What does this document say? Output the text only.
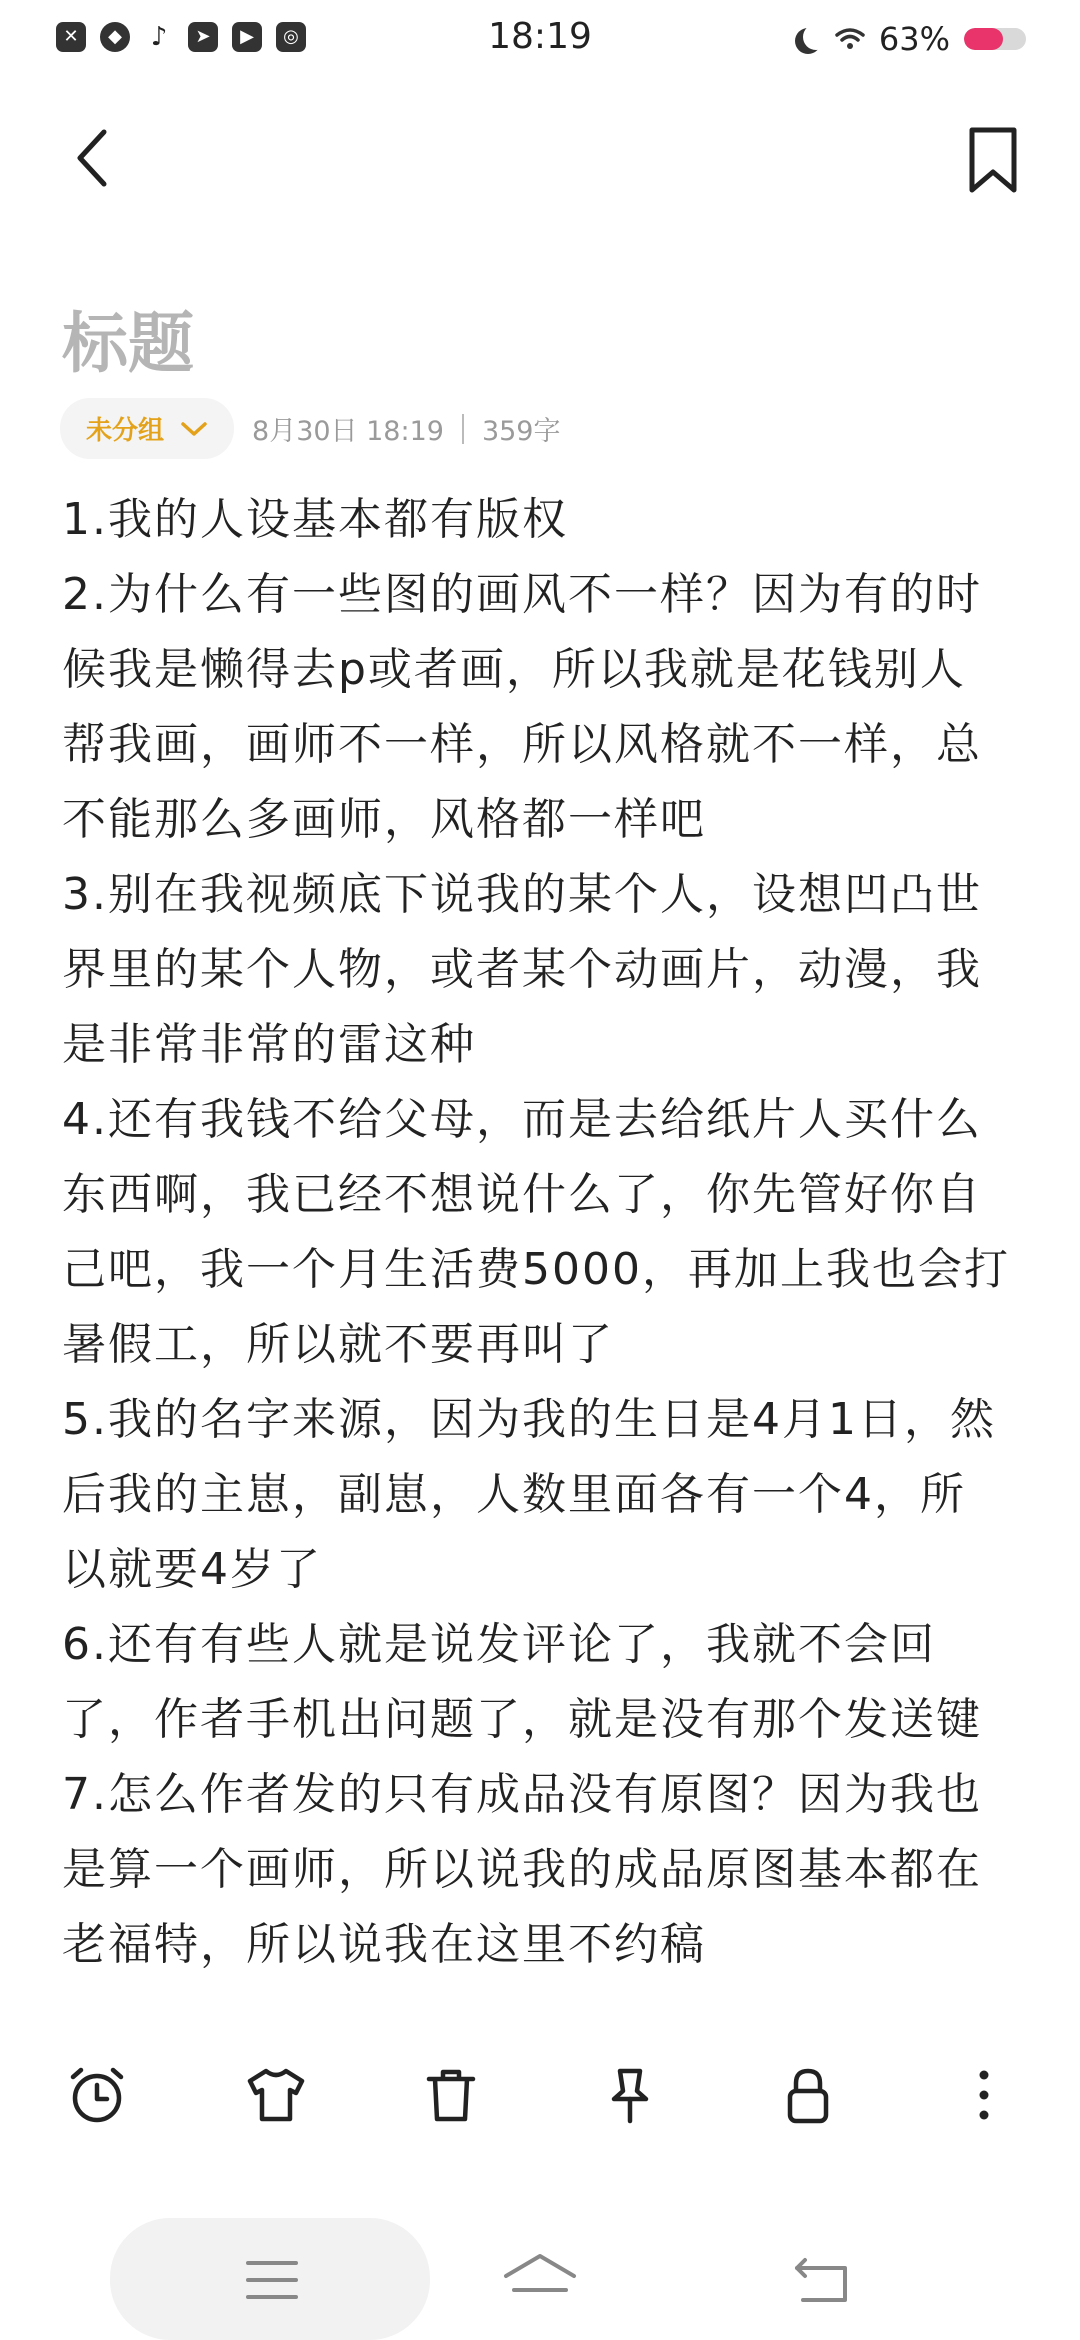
✕	◆	♪	➤	▶	◎	18:19	63%
标题
未分组	8月30日 18:19 359字
1.我的人设基本都有版权
2.为什么有一些图的画风不一样？因为有的时
候我是懒得去p或者画，所以我就是花钱别人
帮我画，画师不一样，所以风格就不一样，总
不能那么多画师，风格都一样吧
3.别在我视频底下说我的某个人，设想凹凸世
界里的某个人物，或者某个动画片，动漫，我
是非常非常的雷这种
4.还有我钱不给父母，而是去给纸片人买什么
东西啊，我已经不想说什么了，你先管好你自
己吧，我一个月生活费5000，再加上我也会打
暑假工，所以就不要再叫了
5.我的名字来源，因为我的生日是4月1日，然
后我的主崽，副崽，人数里面各有一个4，所
以就要4岁了
6.还有有些人就是说发评论了，我就不会回
了，作者手机出问题了，就是没有那个发送键
7.怎么作者发的只有成品没有原图？因为我也
是算一个画师，所以说我的成品原图基本都在
老福特，所以说我在这里不约稿
